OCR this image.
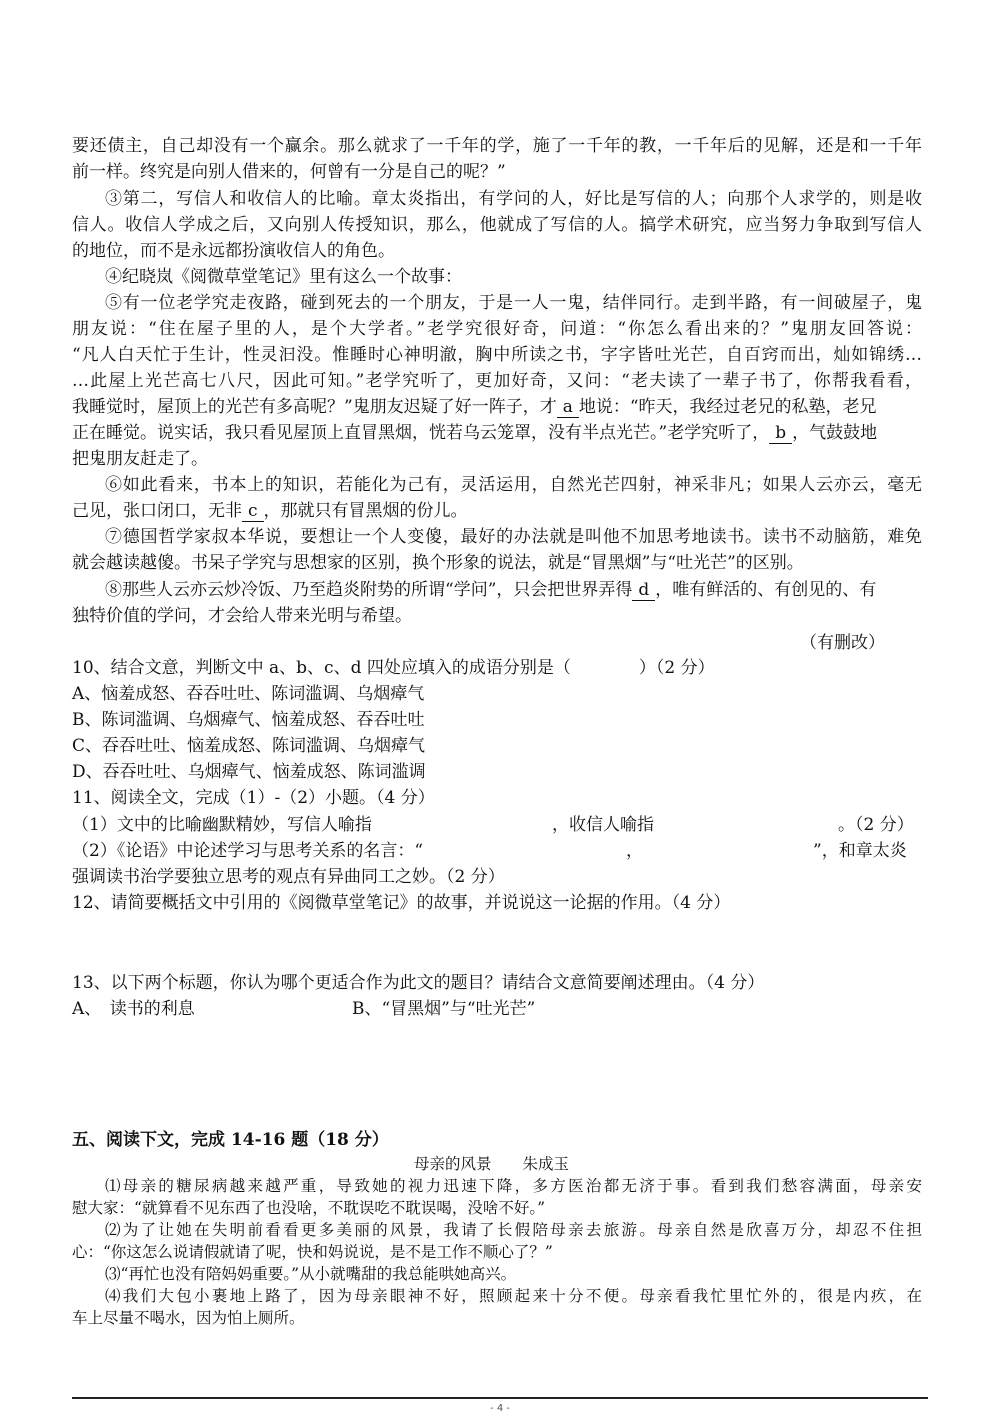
要还债主，自己却没有一个赢余。那么就求了一千年的学，施了一千年的教，一千年后的见解，还是和一千年

前一样。终究是向别人借来的，何曾有一分是自己的呢？”

③第二，写信人和收信人的比喻。章太炎指出，有学问的人，好比是写信的人；向那个人求学的，则是收

信人。收信人学成之后，又向别人传授知识，那么，他就成了写信的人。搞学术研究，应当努力争取到写信人

的地位，而不是永远都扮演收信人的角色。

④纪晓岚《阅微草堂笔记》里有这么一个故事：

⑤有一位老学究走夜路，碰到死去的一个朋友，于是一人一鬼，结伴同行。走到半路，有一间破屋子，鬼

朋友说：“住在屋子里的人，是个大学者。”老学究很好奇，问道：“你怎么看出来的？”鬼朋友回答说：

“凡人白天忙于生计，性灵汩没。惟睡时心神明澈，胸中所读之书，字字皆吐光芒，自百窍而出，灿如锦绣…

…此屋上光芒高七八尺，因此可知。”老学究听了，更加好奇，又问：“老夫读了一辈子书了，你帮我看看，

我睡觉时，屋顶上的光芒有多高呢？”鬼朋友迟疑了好一阵子，才 a 地说：“昨天，我经过老兄的私塾，老兄

正在睡觉。说实话，我只看见屋顶上直冒黑烟，恍若乌云笼罩，没有半点光芒。”老学究听了， b ，气鼓鼓地

把鬼朋友赶走了。

⑥如此看来，书本上的知识，若能化为己有，灵活运用，自然光芒四射，神采非凡；如果人云亦云，毫无

己见，张口闭口，无非 c ，那就只有冒黑烟的份儿。

⑦德国哲学家叔本华说，要想让一个人变傻，最好的办法就是叫他不加思考地读书。读书不动脑筋，难免

就会越读越傻。书呆子学究与思想家的区别，换个形象的说法，就是“冒黑烟”与“吐光芒”的区别。

⑧那些人云亦云炒冷饭、乃至趋炎附势的所谓“学问”，只会把世界弄得 d ，唯有鲜活的、有创见的、有

独特价值的学问，才会给人带来光明与希望。

（有删改）

10、结合文意，判断文中 a、b、c、d 四处应填入的成语分别是（　　　　）（2 分）

A、恼羞成怒、吞吞吐吐、陈词滥调、乌烟瘴气

B、陈词滥调、乌烟瘴气、恼羞成怒、吞吞吐吐

C、吞吞吐吐、恼羞成怒、陈词滥调、乌烟瘴气

D、吞吞吐吐、乌烟瘴气、恼羞成怒、陈词滥调

11、阅读全文，完成（1）-（2）小题。（4 分）

（1）文中的比喻幽默精妙，写信人喻指	，收信人喻指	。（2 分）

（2）《论语》中论述学习与思考关系的名言：“	，	”，和章太炎

强调读书治学要独立思考的观点有异曲同工之妙。（2 分）

12、请简要概括文中引用的《阅微草堂笔记》的故事，并说说这一论据的作用。（4 分）

13、以下两个标题，你认为哪个更适合作为此文的题目？请结合文意简要阐述理由。（4 分）

A、　读书的利息	B、“冒黑烟”与“吐光芒”

五、阅读下文，完成 14-16 题（18 分）

母亲的风景　　朱成玉

⑴母亲的糖尿病越来越严重，导致她的视力迅速下降，多方医治都无济于事。看到我们愁容满面，母亲安

慰大家：“就算看不见东西了也没啥，不耽误吃不耽误喝，没啥不好。”

⑵为了让她在失明前看看更多美丽的风景，我请了长假陪母亲去旅游。母亲自然是欣喜万分，却忍不住担

心：“你这怎么说请假就请了呢，快和妈说说，是不是工作不顺心了？”

⑶“再忙也没有陪妈妈重要。”从小就嘴甜的我总能哄她高兴。

⑷我们大包小裹地上路了，因为母亲眼神不好，照顾起来十分不便。母亲看我忙里忙外的，很是内疚，在

车上尽量不喝水，因为怕上厕所。

- 4 -
